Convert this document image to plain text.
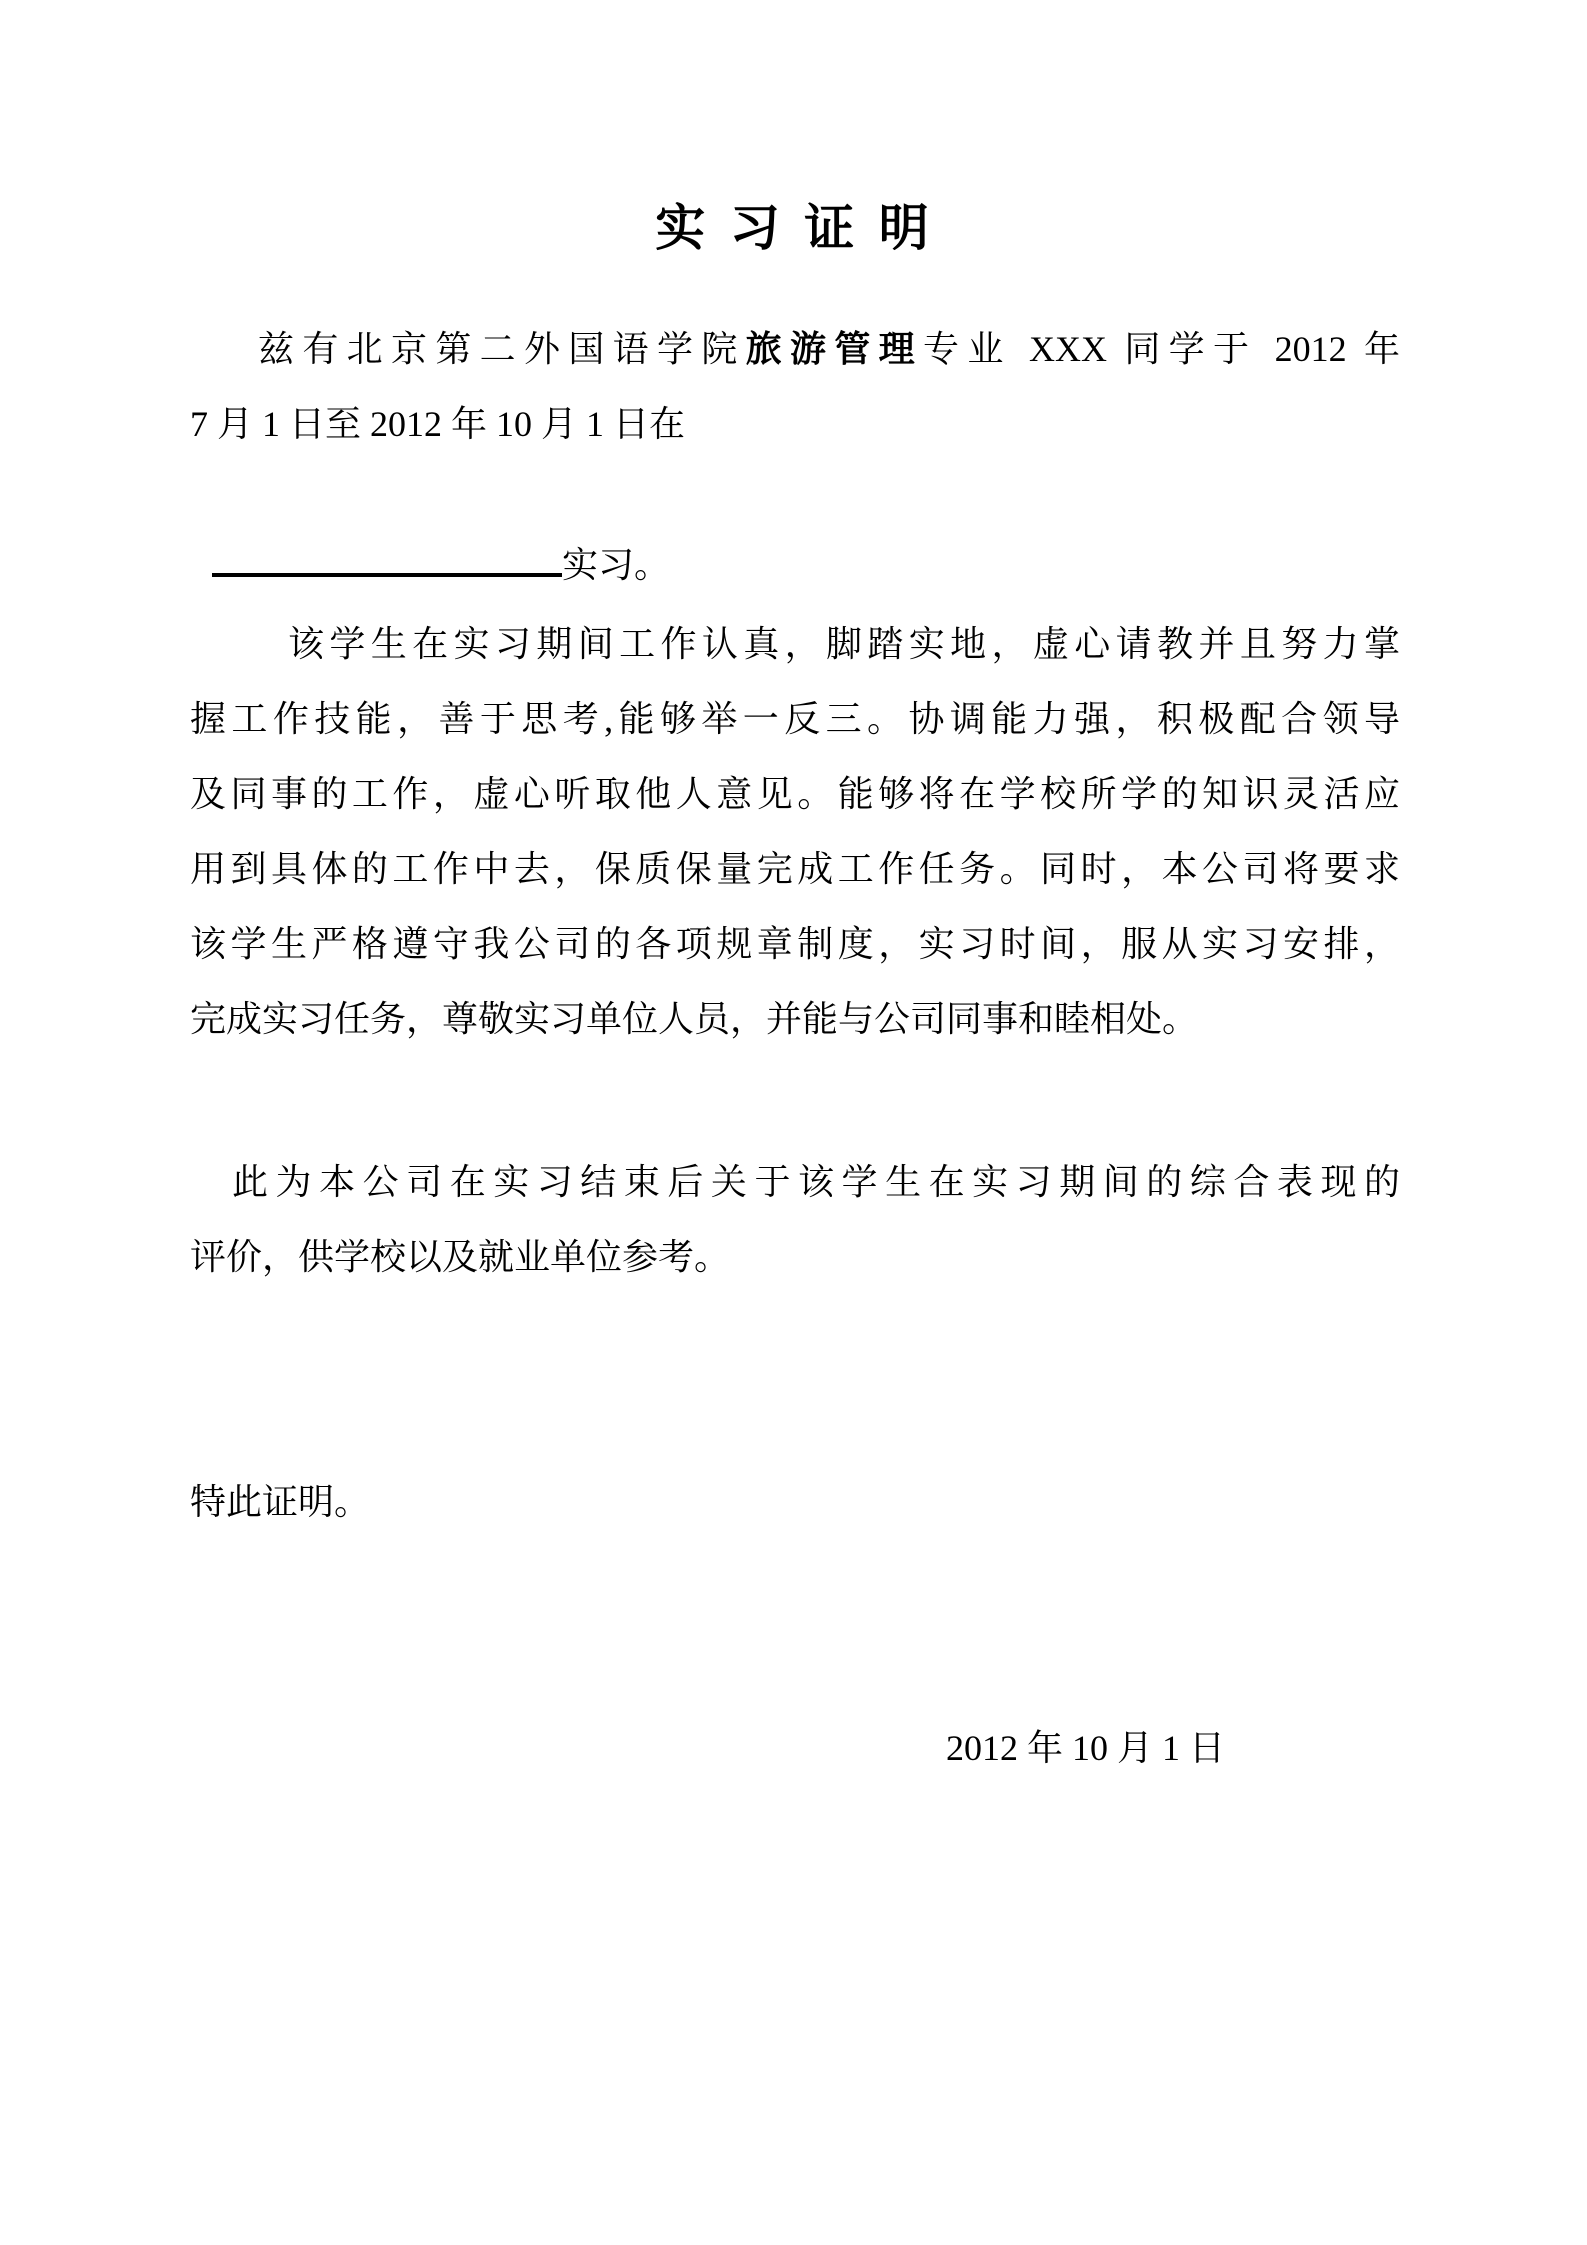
实 习 证 明
兹有北京第二外国语学院旅游管理专业 XXX 同学于 2012 年
7 月 1 日至 2012 年 10 月 1 日在
实习。
该学生在实习期间工作认真，脚踏实地，虚心请教并且努力掌
握工作技能，善于思考,能够举一反三。协调能力强，积极配合领导
及同事的工作，虚心听取他人意见。能够将在学校所学的知识灵活应
用到具体的工作中去，保质保量完成工作任务。同时，本公司将要求
该学生严格遵守我公司的各项规章制度，实习时间，服从实习安排，
完成实习任务，尊敬实习单位人员，并能与公司同事和睦相处。
此为本公司在实习结束后关于该学生在实习期间的综合表现的
评价，供学校以及就业单位参考。
特此证明。
2012 年 10 月 1 日
